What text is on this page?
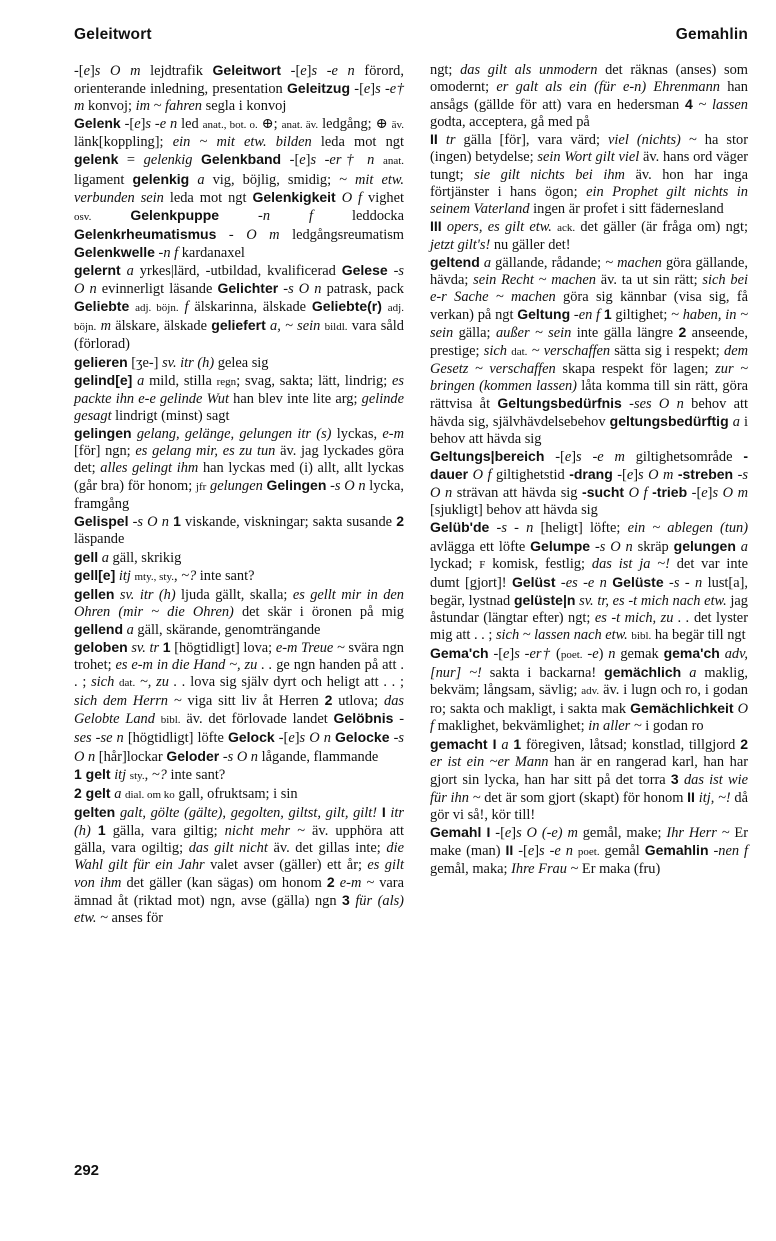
Geleitwort	Gemahlin

-[e]s O m lejdtrafik Geleitwort -[e]s -e n förord, orienterande inledning, presentation Geleitzug -[e]s -e† m konvoj; im ~ fahren segla i konvoj

Gelenk -[e]s -e n led anat., bot. o. ⊕; anat. äv. ledgång; ⊕ äv. länk[koppling]; ein ~ mit etw. bilden leda mot ngt gelenk = gelenkig Gelenkband -[e]s -er† n anat. ligament gelenkig a vig, böjlig, smidig; ~ mit etw. verbunden sein leda mot ngt Gelenkigkeit O f vighet osv.	Gelenkpuppe	-n f leddocka Gelenkrheumatismus - O m ledgångsreumatism Gelenkwelle -n f kardanaxel

gelernt a yrkes|lärd, -utbildad, kvalificerad Gelese -s O n evinnerligt läsande Gelichter -s O n patrask, pack Geliebte adj. böjn. f älskarinna, älskade Geliebte(r) adj. böjn. m älskare, älskade geliefert a, ~ sein bildl. vara såld (förlorad)

gelieren [ʒe-] sv. itr (h) gelea sig

gelind[e] a mild, stilla regn; svag, sakta; lätt, lindrig; es packte ihn e-e gelinde Wut han blev inte lite arg; gelinde gesagt lindrigt (minst) sagt

gelingen gelang, gelänge, gelungen itr (s) lyckas, e-m [för] ngn; es gelang mir, es zu tun äv. jag lyckades göra det; alles gelingt ihm han lyckas med (i) allt, allt lyckas (går bra) för honom; jfr gelungen Gelingen -s O n lycka, framgång

Gelispel -s O n 1 viskande, viskningar; sakta susande 2 läspande

gell a gäll, skrikig

gell[e] itj mty., sty., ~? inte sant?

gellen sv. itr (h) ljuda gällt, skalla; es gellt mir in den Ohren (mir ~ die Ohren) det skär i öronen på mig gellend a gäll, skärande, genomträngande

geloben sv. tr 1 [högtidligt] lova; e-m Treue ~ svära ngn trohet; es e-m in die Hand ~, zu . . ge ngn handen på att . . ; sich dat. ~, zu . . lova sig själv dyrt och heligt att . . ; sich dem Herrn ~ viga sitt liv åt Herren 2 utlova; das Gelobte Land bibl. äv. det förlovade landet Gelöbnis -ses -se n [högtidligt] löfte Gelock -[e]s O n Gelocke -s O n [hår]lockar Geloder -s O n lågande, flammande

1 gelt itj sty., ~? inte sant?

2 gelt a dial. om ko gall, ofruktsam; i sin

gelten galt, gölte (gälte), gegolten, giltst, gilt, gilt! I itr (h) 1 gälla, vara giltig; nicht mehr ~ äv. upphöra att gälla, vara ogiltig; das gilt nicht äv. det gillas inte; die Wahl gilt für ein Jahr valet avser (gäller) ett år; es gilt von ihm det gäller (kan sägas) om honom 2 e-m ~ vara ämnad åt (riktad mot) ngn, avse (gälla) ngn 3 für (als) etw. ~ anses för

ngt; das gilt als unmodern det räknas (anses) som omodernt; er galt als ein (für e-n) Ehrenmann han ansågs (gällde för att) vara en hedersman 4 ~ lassen godta, acceptera, gå med på

II tr gälla [för], vara värd; viel (nichts) ~ ha stor (ingen) betydelse; sein Wort gilt viel äv. hans ord väger tungt; sie gilt nichts bei ihm äv. hon har inga förtjänster i hans ögon; ein Prophet gilt nichts in seinem Vaterland ingen är profet i sitt fädernesland

III opers, es gilt etw. ack. det gäller (är fråga om) ngt; jetzt gilt's! nu gäller det!

geltend a gällande, rådande; ~ machen göra gällande, hävda; sein Recht ~ machen äv. ta ut sin rätt; sich bei e-r Sache ~ machen göra sig kännbar (visa sig, få verkan) på ngt Geltung -en f 1 giltighet; ~ haben, in ~ sein gälla; außer ~ sein inte gälla längre 2 anseende, prestige; sich dat. ~ verschaffen sätta sig i respekt; dem Gesetz ~ verschaffen skapa respekt för lagen; zur ~ bringen (kommen lassen) låta komma till sin rätt, göra rättvisa åt Geltungsbedürfnis -ses O n behov att hävda sig, självhävdelsebehov geltungsbedürftig a i behov att hävda sig

Geltungs|bereich -[e]s -e m giltighetsområde -dauer O f giltighetstid -drang -[e]s O m -streben -s O n strävan att hävda sig -sucht O f -trieb -[e]s O m [sjukligt] behov att hävda sig

Gelüb'de -s - n [heligt] löfte; ein ~ ablegen (tun) avlägga ett löfte Gelumpe -s O n skräp gelungen a lyckad; F komisk, festlig; das ist ja ~! det var inte dumt [gjort]! Gelüst -es -e n Gelüste -s - n lust[a], begär, lystnad gelüste|n sv. tr, es -t mich nach etw. jag åstundar (längtar efter) ngt; es -t mich, zu . . det lyster mig att . . ; sich ~ lassen nach etw. bibl. ha begär till ngt

Gema'ch -[e]s -er† (poet. -e) n gemak gema'ch adv, [nur] ~! sakta i backarna! gemächlich a maklig, bekväm; långsam, sävlig; adv. äv. i lugn och ro, i godan ro; sakta och makligt, i sakta mak Gemächlichkeit O f maklighet, bekvämlighet; in aller ~ i godan ro

gemacht I a 1 föregiven, låtsad; konstlad, tillgjord 2 er ist ein ~er Mann han är en rangerad karl, han har gjort sin lycka, han har sitt på det torra 3 das ist wie für ihn ~ det är som gjort (skapt) för honom II itj, ~! då gör vi så!, kör till!

Gemahl I -[e]s O (-e) m gemål, make; Ihr Herr ~ Er make (man) II -[e]s -e n poet. gemål Gemahlin -nen f gemål, maka; Ihre Frau ~ Er maka (fru)

292
